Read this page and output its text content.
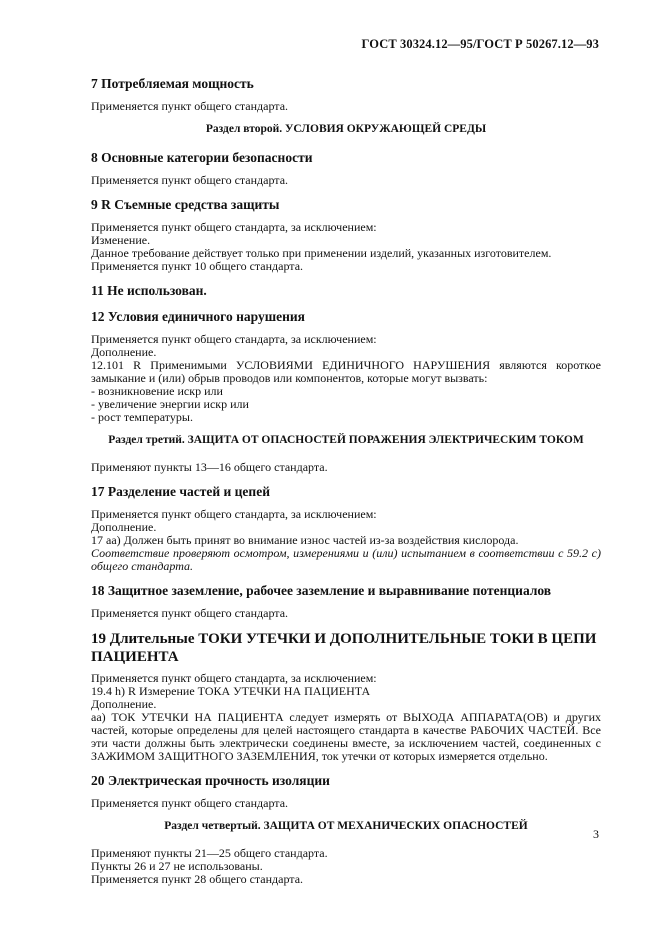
ГОСТ 30324.12—95/ГОСТ Р 50267.12—93
7 Потребляемая мощность

Применяется пункт общего стандарта.

Раздел второй. УСЛОВИЯ ОКРУЖАЮЩЕЙ СРЕДЫ
8 Основные категории безопасности

Применяется пункт общего стандарта.

9 R Съемные средства защиты

Применяется пункт общего стандарта, за исключением:

Изменение.

Данное требование действует только при применении изделий, указанных изготовителем.

Применяется пункт 10 общего стандарта.

11 Не использован.
12 Условия единичного нарушения

Применяется пункт общего стандарта, за исключением:

Дополнение.

12.101 R Применимыми УСЛОВИЯМИ ЕДИНИЧНОГО НАРУШЕНИЯ являются короткое замыкание и (или) обрыв проводов или компонентов, которые могут вызвать:

- возникновение искр или

- увеличение энергии искр или

- рост температуры.

Раздел третий. ЗАЩИТА ОТ ОПАСНОСТЕЙ ПОРАЖЕНИЯ ЭЛЕКТРИЧЕСКИМ ТОКОМ

Применяют пункты 13—16 общего стандарта.

17 Разделение частей и цепей

Применяется пункт общего стандарта, за исключением:

Дополнение.

17 аа) Должен быть принят во внимание износ частей из-за воздействия кислорода.

Соответствие проверяют осмотром, измерениями и (или) испытанием в соответствии с 59.2 с) общего стандарта.

18 Защитное заземление, рабочее заземление и выравнивание потенциалов

Применяется пункт общего стандарта.

19 Длительные ТОКИ УТЕЧКИ И ДОПОЛНИТЕЛЬНЫЕ ТОКИ В ЦЕПИ ПАЦИЕНТА

Применяется пункт общего стандарта, за исключением:

19.4 h) R Измерение ТОКА УТЕЧКИ НА ПАЦИЕНТА

Дополнение.

аа) ТОК УТЕЧКИ НА ПАЦИЕНТА следует измерять от ВЫХОДА АППАРАТА(ОВ) и других частей, которые определены для целей настоящего стандарта в качестве РАБОЧИХ ЧАСТЕЙ. Все эти части должны быть электрически соединены вместе, за исключением частей, соединенных с ЗАЖИМОМ ЗАЩИТНОГО ЗАЗЕМЛЕНИЯ, ток утечки от которых измеряется отдельно.

20 Электрическая прочность изоляции

Применяется пункт общего стандарта.

Раздел четвертый. ЗАЩИТА ОТ МЕХАНИЧЕСКИХ ОПАСНОСТЕЙ

Применяют пункты 21—25 общего стандарта.

Пункты 26 и 27 не использованы.

Применяется пункт 28 общего стандарта.

3
